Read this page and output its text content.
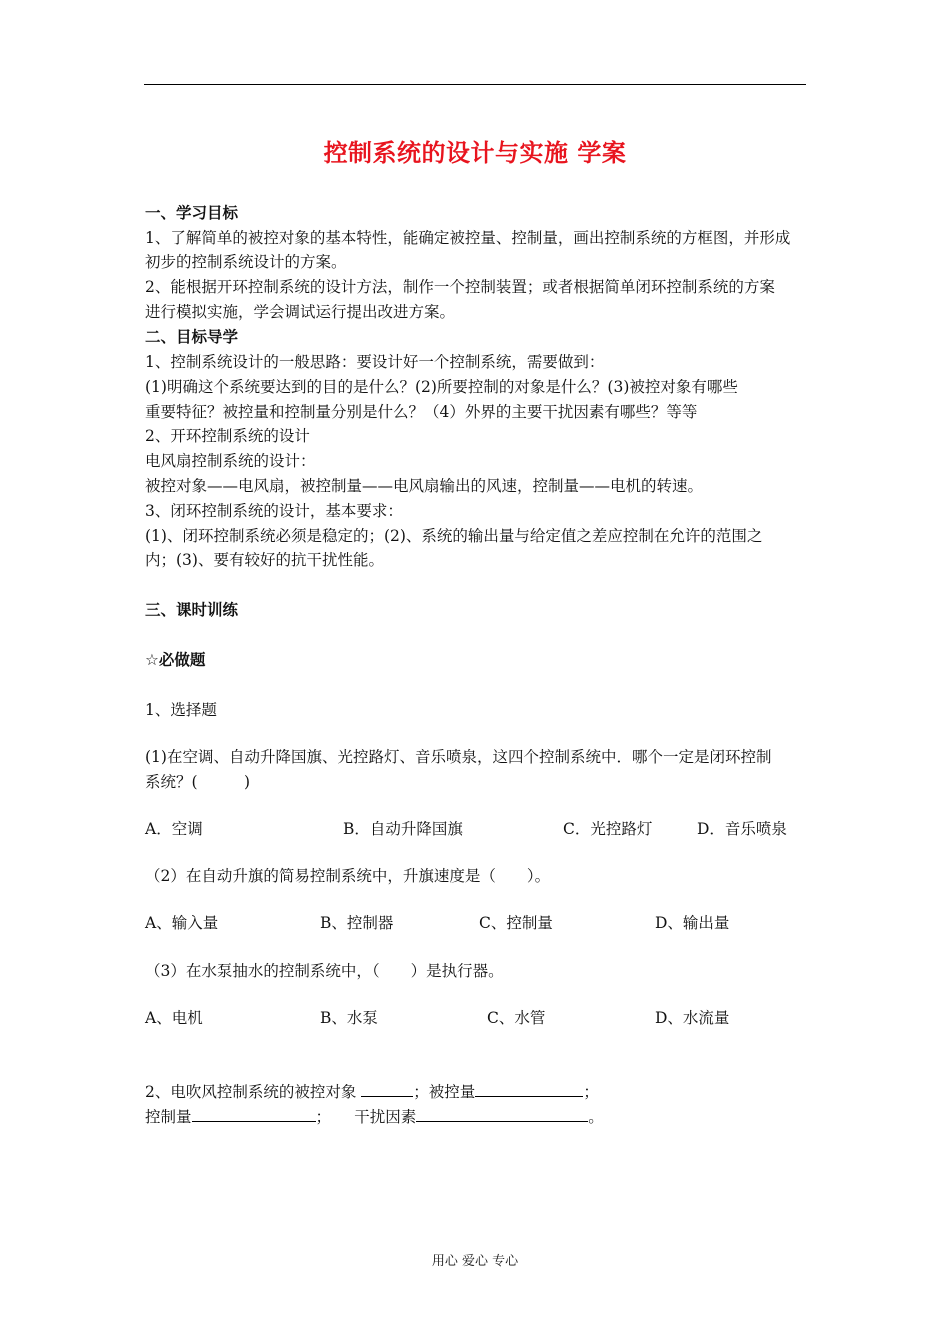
控制系统的设计与实施 学案
一、学习目标
1、了解简单的被控对象的基本特性，能确定被控量、控制量，画出控制系统的方框图，并形成
初步的控制系统设计的方案。
2、能根据开环控制系统的设计方法，制作一个控制装置；或者根据简单闭环控制系统的方案
进行模拟实施，学会调试运行提出改进方案。
二、目标导学
1、控制系统设计的一般思路：要设计好一个控制系统，需要做到：
(1)明确这个系统要达到的目的是什么？(2)所要控制的对象是什么？(3)被控对象有哪些
重要特征？被控量和控制量分别是什么？（4）外界的主要干扰因素有哪些？等等
2、开环控制系统的设计
电风扇控制系统的设计：
被控对象——电风扇，被控制量——电风扇输出的风速，控制量——电机的转速。
3、闭环控制系统的设计，基本要求：
(1)、闭环控制系统必须是稳定的；(2)、系统的输出量与给定值之差应控制在允许的范围之
内；(3)、要有较好的抗干扰性能。
三、课时训练
☆必做题
1、选择题
(1)在空调、自动升降国旗、光控路灯、音乐喷泉，这四个控制系统中．哪个一定是闭环控制
系统？(　　　)
A．空调	B．自动升降国旗	C．光控路灯	D．音乐喷泉
（2）在自动升旗的简易控制系统中，升旗速度是（　　）。
A、输入量	B、控制器	C、控制量	D、输出量
（3）在水泵抽水的控制系统中，（　　）是执行器。
A、电机	B、水泵	C、水管	D、水流量
2、电吹风控制系统的被控对象	；被控量	；
控制量	；　　干扰因素	。
用心 爱心 专心
